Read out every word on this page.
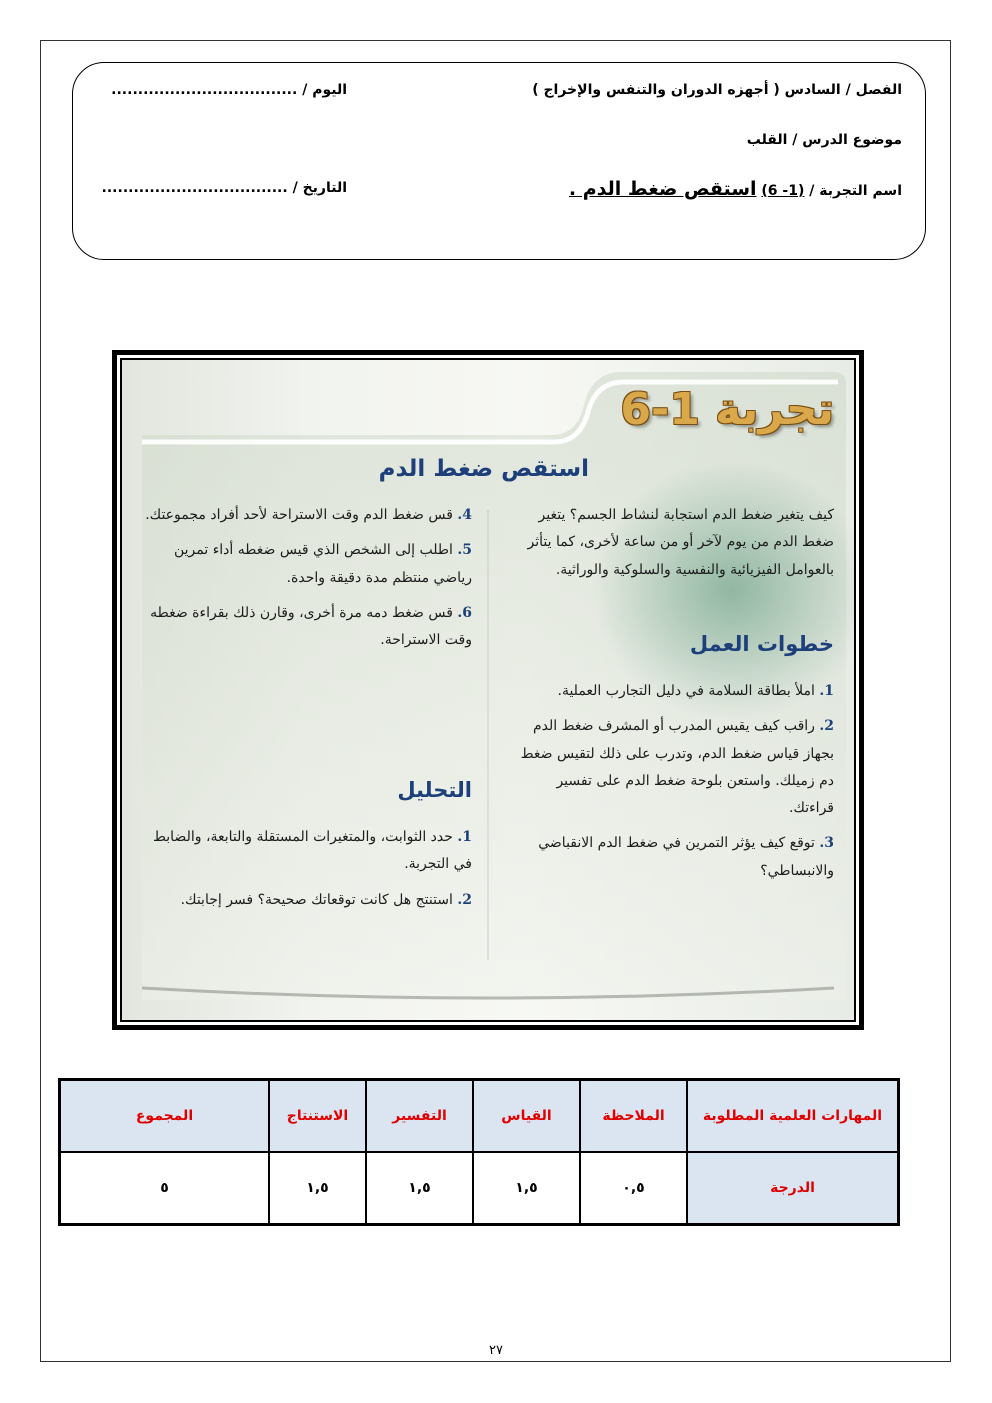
الفصل / السادس ( أجهزه الدوران والتنفس والإخراج )
اليوم / ...................................
موضوع الدرس / القلب
اسم التجربة / (1- 6) استقص ضغط الدم .
التاريخ / ...................................
تجربة 1-6
استقص ضغط الدم
كيف يتغير ضغط الدم استجابة لنشاط الجسم؟ يتغير ضغط الدم من يوم لآخر أو من ساعة لأخرى، كما يتأثر بالعوامل الفيزيائية والنفسية والسلوكية والوراثية.
خطوات العمل
1. املأ بطاقة السلامة في دليل التجارب العملية.
2. راقب كيف يقيس المدرب أو المشرف ضغط الدم بجهاز قياس ضغط الدم، وتدرب على ذلك لتقيس ضغط دم زميلك. واستعن بلوحة ضغط الدم على تفسير قراءتك.
3. توقع كيف يؤثر التمرين في ضغط الدم الانقباضي والانبساطي؟
4. قس ضغط الدم وقت الاستراحة لأحد أفراد مجموعتك.
5. اطلب إلى الشخص الذي قيس ضغطه أداء تمرين رياضي منتظم مدة دقيقة واحدة.
6. قس ضغط دمه مرة أخرى، وقارن ذلك بقراءة ضغطه وقت الاستراحة.
التحليل
1. حدد الثوابت، والمتغيرات المستقلة والتابعة، والضابط في التجربة.
2. استنتج هل كانت توقعاتك صحيحة؟ فسر إجابتك.
المهارات العلمية المطلوبة	الملاحظة	القياس	التفسير	الاستنتاج	المجموع
الدرجة	٠,٥	١,٥	١,٥	١,٥	٥
٢٧
